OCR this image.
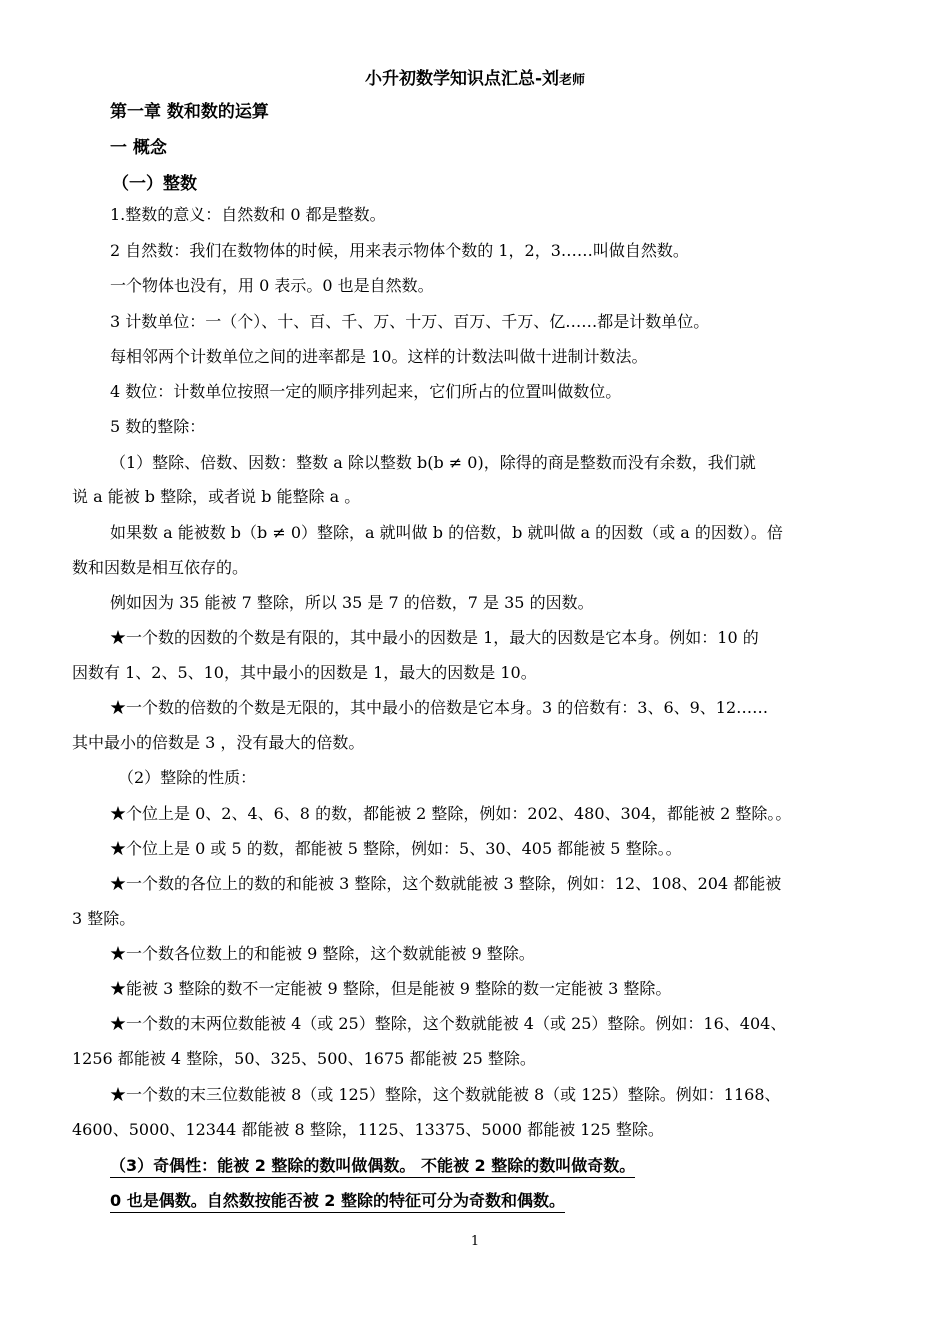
小升初数学知识点汇总-刘老师
第一章 数和数的运算
一 概念
（一）整数
1.整数的意义：自然数和 0 都是整数。
2 自然数：我们在数物体的时候，用来表示物体个数的 1，2，3……叫做自然数。
一个物体也没有，用 0 表示。0 也是自然数。
3 计数单位：一（个）、十、百、千、万、十万、百万、千万、亿……都是计数单位。
每相邻两个计数单位之间的进率都是 10。这样的计数法叫做十进制计数法。
4 数位：计数单位按照一定的顺序排列起来，它们所占的位置叫做数位。
5 数的整除：
（1）整除、倍数、因数：整数 a 除以整数 b(b ≠ 0)，除得的商是整数而没有余数，我们就
说 a 能被 b 整除，或者说 b 能整除 a 。
如果数 a 能被数 b（b ≠ 0）整除，a 就叫做 b 的倍数，b 就叫做 a 的因数（或 a 的因数）。倍
数和因数是相互依存的。
例如因为 35 能被 7 整除，所以 35 是 7 的倍数，7 是 35 的因数。
★一个数的因数的个数是有限的，其中最小的因数是 1，最大的因数是它本身。例如：10 的
因数有 1、2、5、10，其中最小的因数是 1，最大的因数是 10。
★一个数的倍数的个数是无限的，其中最小的倍数是它本身。3 的倍数有：3、6、9、12……
其中最小的倍数是 3 ，没有最大的倍数。
（2）整除的性质：
★个位上是 0、2、4、6、8 的数，都能被 2 整除，例如：202、480、304，都能被 2 整除。。
★个位上是 0 或 5 的数，都能被 5 整除，例如：5、30、405 都能被 5 整除。。
★一个数的各位上的数的和能被 3 整除，这个数就能被 3 整除，例如：12、108、204 都能被
3 整除。
★一个数各位数上的和能被 9 整除，这个数就能被 9 整除。
★能被 3 整除的数不一定能被 9 整除，但是能被 9 整除的数一定能被 3 整除。
★一个数的末两位数能被 4（或 25）整除，这个数就能被 4（或 25）整除。例如：16、404、
1256 都能被 4 整除，50、325、500、1675 都能被 25 整除。
★一个数的末三位数能被 8（或 125）整除，这个数就能被 8（或 125）整除。例如：1168、
4600、5000、12344 都能被 8 整除，1125、13375、5000 都能被 125 整除。
（3）奇偶性：能被 2 整除的数叫做偶数。 不能被 2 整除的数叫做奇数。
0 也是偶数。自然数按能否被 2 整除的特征可分为奇数和偶数。
1
